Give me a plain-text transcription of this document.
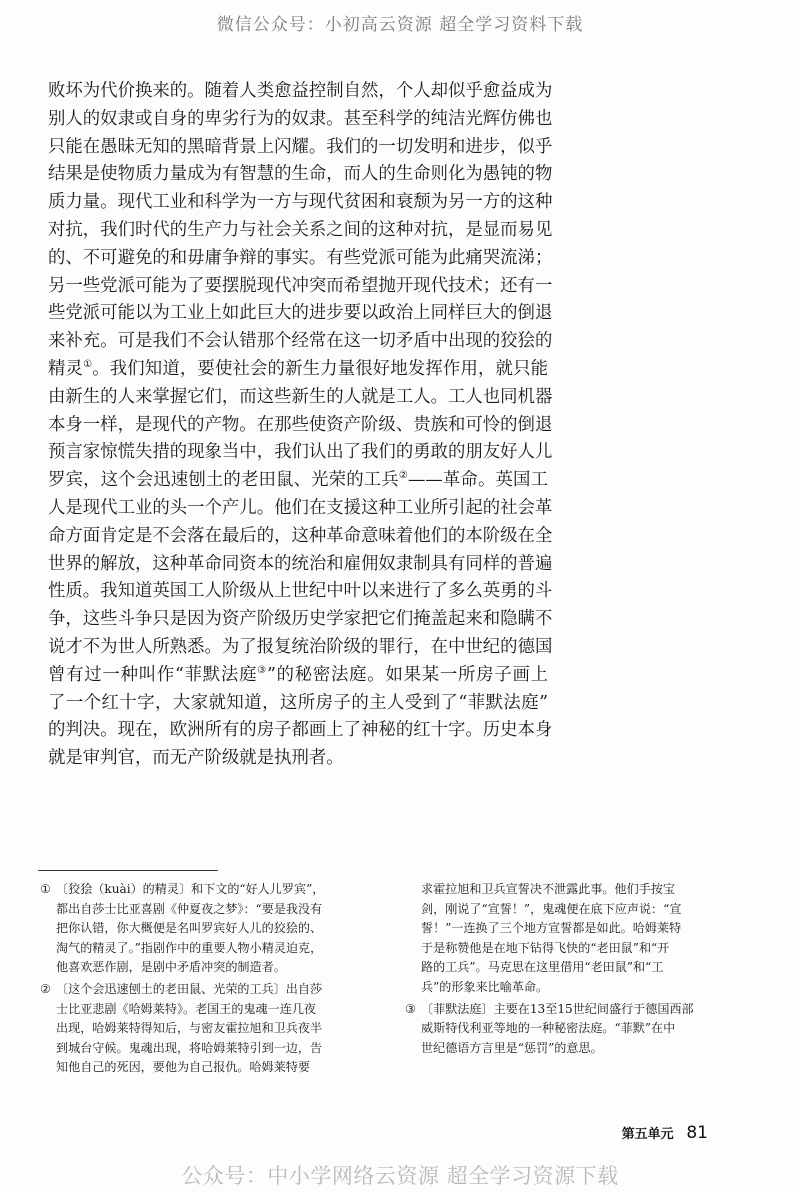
微信公众号：小初高云资源 超全学习资料下载
败坏为代价换来的。随着人类愈益控制自然，个人却似乎愈益成为
别人的奴隶或自身的卑劣行为的奴隶。甚至科学的纯洁光辉仿佛也
只能在愚昧无知的黑暗背景上闪耀。我们的一切发明和进步，似乎
结果是使物质力量成为有智慧的生命，而人的生命则化为愚钝的物
质力量。现代工业和科学为一方与现代贫困和衰颓为另一方的这种
对抗，我们时代的生产力与社会关系之间的这种对抗，是显而易见
的、不可避免的和毋庸争辩的事实。有些党派可能为此痛哭流涕；
另一些党派可能为了要摆脱现代冲突而希望抛开现代技术；还有一
些党派可能以为工业上如此巨大的进步要以政治上同样巨大的倒退
来补充。可是我们不会认错那个经常在这一切矛盾中出现的狡狯的
精灵①。我们知道，要使社会的新生力量很好地发挥作用，就只能
由新生的人来掌握它们，而这些新生的人就是工人。工人也同机器
本身一样，是现代的产物。在那些使资产阶级、贵族和可怜的倒退
预言家惊慌失措的现象当中，我们认出了我们的勇敢的朋友好人儿
罗宾，这个会迅速刨土的老田鼠、光荣的工兵②——革命。英国工
人是现代工业的头一个产儿。他们在支援这种工业所引起的社会革
命方面肯定是不会落在最后的，这种革命意味着他们的本阶级在全
世界的解放，这种革命同资本的统治和雇佣奴隶制具有同样的普遍
性质。我知道英国工人阶级从上世纪中叶以来进行了多么英勇的斗
争，这些斗争只是因为资产阶级历史学家把它们掩盖起来和隐瞒不
说才不为世人所熟悉。为了报复统治阶级的罪行，在中世纪的德国
曾有过一种叫作“菲默法庭③”的秘密法庭。如果某一所房子画上
了一个红十字，大家就知道，这所房子的主人受到了“菲默法庭”
的判决。现在，欧洲所有的房子都画上了神秘的红十字。历史本身
就是审判官，而无产阶级就是执刑者。
① 〔狡狯（kuài）的精灵〕和下文的“好人儿罗宾”，
都出自莎士比亚喜剧《仲夏夜之梦》：“要是我没有
把你认错，你大概便是名叫罗宾好人儿的狡狯的、
淘气的精灵了。”指剧作中的重要人物小精灵迫克，
他喜欢恶作剧，是剧中矛盾冲突的制造者。
② 〔这个会迅速刨土的老田鼠、光荣的工兵〕出自莎
士比亚悲剧《哈姆莱特》。老国王的鬼魂一连几夜
出现，哈姆莱特得知后，与密友霍拉旭和卫兵夜半
到城台守候。鬼魂出现，将哈姆莱特引到一边，告
知他自己的死因，要他为自己报仇。哈姆莱特要
求霍拉旭和卫兵宣誓决不泄露此事。他们手按宝
剑，刚说了“宣誓！”，鬼魂便在底下应声说：“宣
誓！”一连换了三个地方宣誓都是如此。哈姆莱特
于是称赞他是在地下钻得飞快的“老田鼠”和“开
路的工兵”。马克思在这里借用“老田鼠”和“工
兵”的形象来比喻革命。
③ 〔菲默法庭〕主要在13至15世纪间盛行于德国西部
威斯特伐利亚等地的一种秘密法庭。“菲默”在中
世纪德语方言里是“惩罚”的意思。
第五单元 81
公众号：中小学网络云资源 超全学习资源下载
